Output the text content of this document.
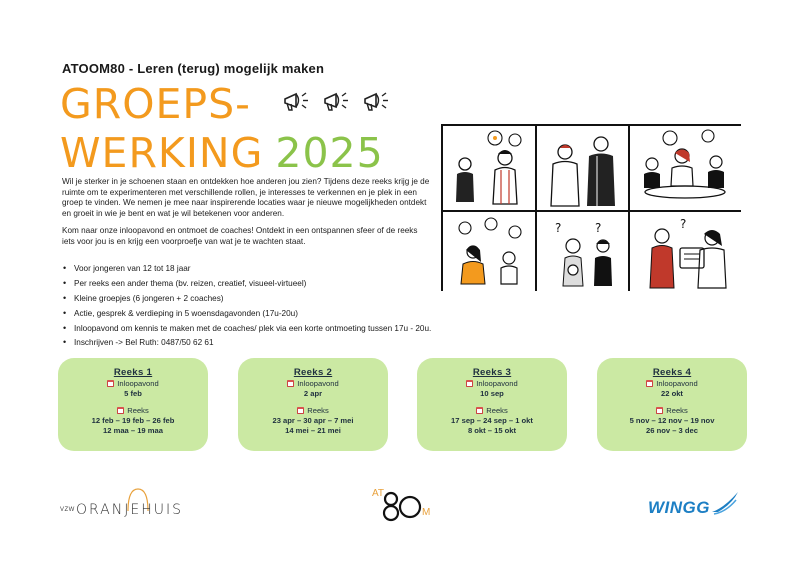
ATOOM80 - Leren (terug) mogelijk maken
GROEPS-
WERKING 2025

Wil je sterker in je schoenen staan en ontdekken hoe anderen jou zien? Tijdens deze reeks krijg je de ruimte om te experimenteren met verschillende rollen, je interesses te verkennen en je plek in een groep te vinden. We nemen je mee naar inspirerende locaties waar je nieuwe mogelijkheden ontdekt en groeit in wie je bent en wat je wil betekenen voor anderen.

Kom naar onze inloopavond en ontmoet de coaches! Ontdekt in een ontspannen sfeer of de reeks iets voor jou is en krijg een voorproefje van wat je te wachten staat.

• Voor jongeren van 12 tot 18 jaar
• Per reeks een ander thema (bv. reizen, creatief, visueel-virtueel)
• Kleine groepjes (6 jongeren + 2 coaches)
• Actie, gesprek & verdieping in 5 woensdagavonden (17u-20u)
• Inloopavond om kennis te maken met de coaches/ plek via een korte ontmoeting tussen 17u - 20u.
• Inschrijven -> Bel Ruth: 0487/50 62 61
?	?	?
Reeks 1
Inloopavond
5 feb
Reeks
12 feb – 19 feb – 26 feb
12 maa – 19 maa
Reeks 2
Inloopavond
2 apr
Reeks
23 apr – 30 apr – 7 mei
14 mei – 21 mei
Reeks 3
Inloopavond
10 sep
Reeks
17 sep – 24 sep – 1 okt
8 okt – 15 okt
Reeks 4
Inloopavond
22 okt
Reeks
5 nov – 12 nov – 19 nov
26 nov – 3 dec
VZW ORANJEHUIS
AT
M	WINGG
